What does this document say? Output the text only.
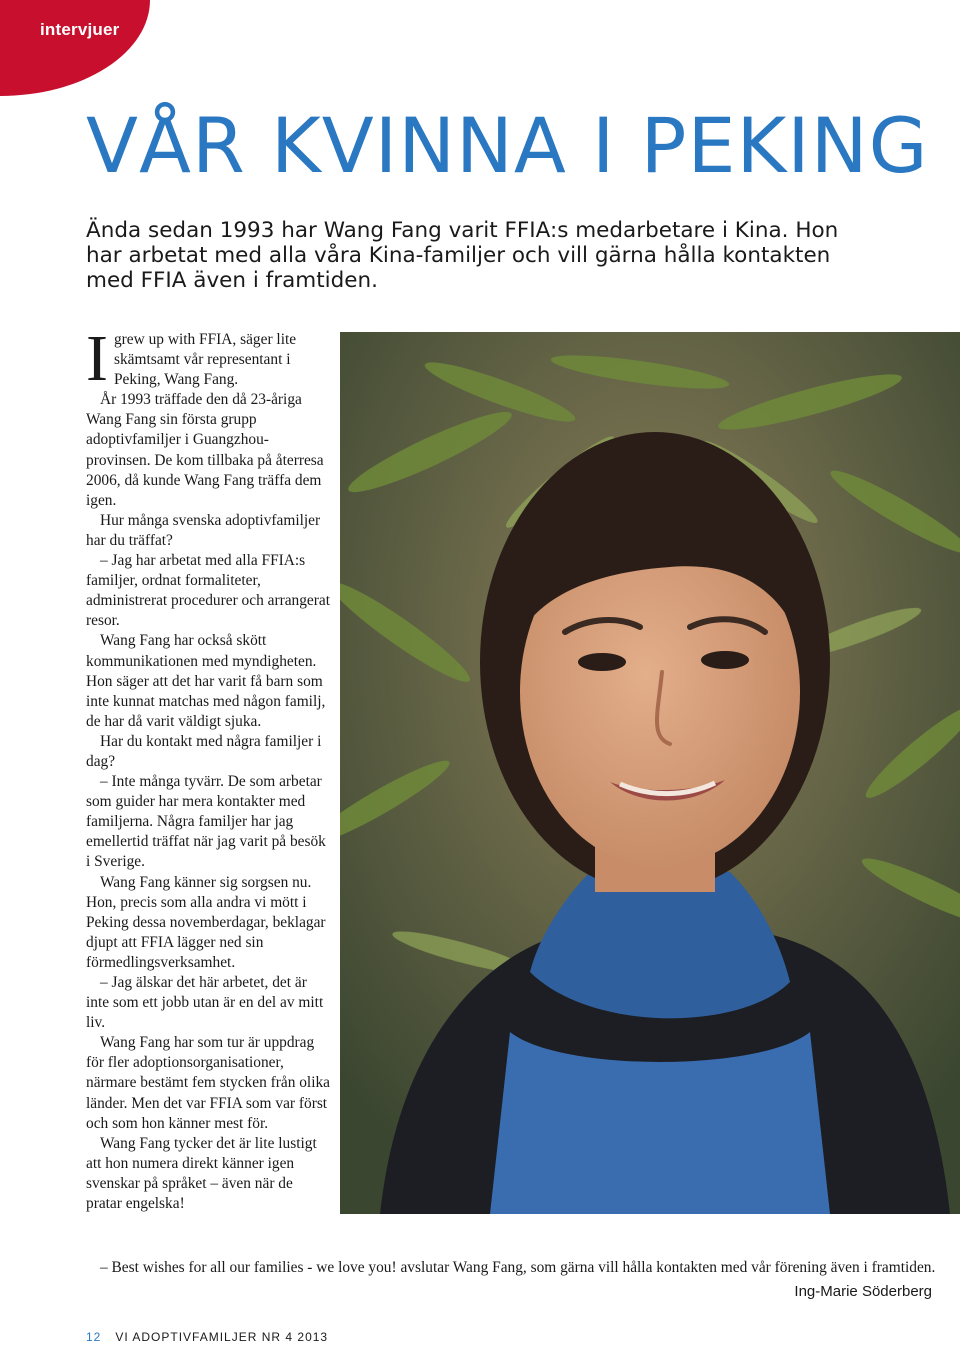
intervjuer
VÅR KVINNA I PEKING

Ända sedan 1993 har Wang Fang varit FFIA:s medarbetare i Kina. Hon har arbetat med alla våra Kina-familjer och vill gärna hålla kontakten med FFIA även i framtiden.

Igrew up with FFIA, säger lite skämtsamt vår representant i Peking, Wang Fang.

År 1993 träffade den då 23-åriga Wang Fang sin första grupp adoptivfamiljer i Guangzhou-provinsen. De kom tillbaka på återresa 2006, då kunde Wang Fang träffa dem igen.

Hur många svenska adoptivfamiljer har du träffat?

– Jag har arbetat med alla FFIA:s familjer, ordnat formaliteter, administrerat procedurer och arrangerat resor.

Wang Fang har också skött kommunikationen med myndigheten. Hon säger att det har varit få barn som inte kunnat matchas med någon familj, de har då varit väldigt sjuka.

Har du kontakt med några familjer i dag?

– Inte många tyvärr. De som arbetar som guider har mera kontakter med familjerna. Några familjer har jag emellertid träffat när jag varit på besök i Sverige.

Wang Fang känner sig sorgsen nu. Hon, precis som alla andra vi mött i Peking dessa novemberdagar, beklagar djupt att FFIA lägger ned sin förmedlingsverksamhet.

– Jag älskar det här arbetet, det är inte som ett jobb utan är en del av mitt liv.

Wang Fang har som tur är uppdrag för fler adoptionsorganisationer, närmare bestämt fem stycken från olika länder. Men det var FFIA som var först och som hon känner mest för.

Wang Fang tycker det är lite lustigt att hon numera direkt känner igen svenskar på språket – även när de pratar engelska!

– Best wishes for all our families - we love you! avslutar Wang Fang, som gärna vill hålla kontakten med vår förening även i framtiden.

Ing-Marie Söderberg
12 VI ADOPTIVFAMILJER NR 4 2013
